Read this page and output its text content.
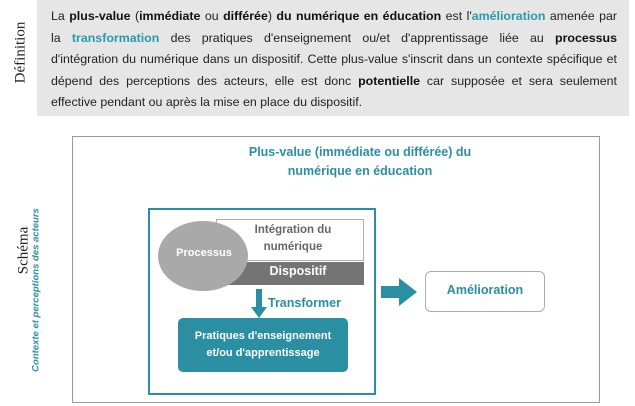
Définition
Schéma
La plus-value (immédiate ou différée) du numérique en éducation est l'amélioration amenée par la transformation des pratiques d'enseignement ou/et d'apprentissage liée au processus d'intégration du numérique dans un dispositif. Cette plus-value s'inscrit dans un contexte spécifique et dépend des perceptions des acteurs, elle est donc potentielle car supposée et sera seulement effective pendant ou après la mise en place du dispositif.
Plus-value (immédiate ou différée) du
numérique en éducation
Contexte et perceptions des acteurs	Intégration du
numérique
Dispositif
Processus
Transformer
Pratiques d'enseignement
et/ou d'apprentissage
Amélioration
